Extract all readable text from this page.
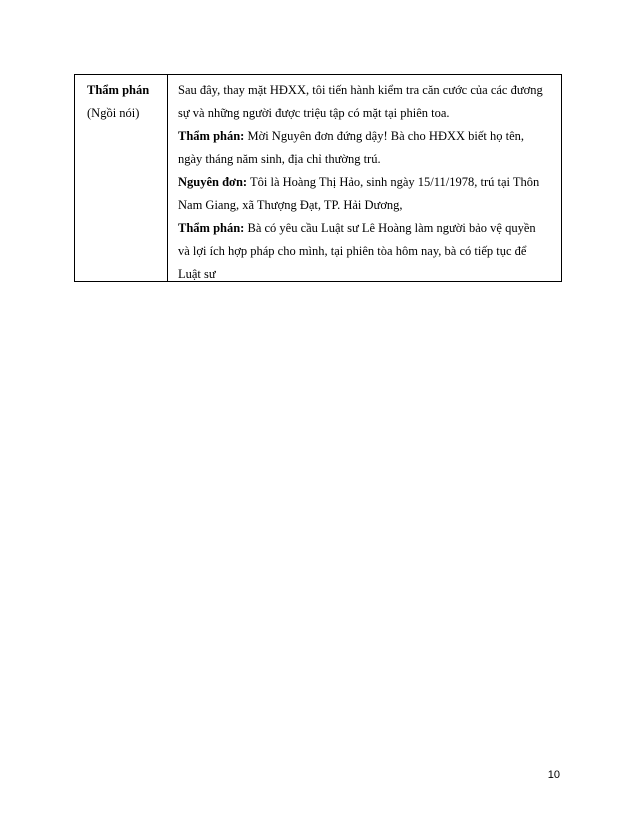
Thẩm phán
(Ngồi nói)
Sau đây, thay mặt HĐXX, tôi tiến hành kiểm tra căn cước của các đương
sự và những người được triệu tập có mặt tại phiên toa.
Thẩm phán: Mời Nguyên đơn đứng dậy! Bà cho HĐXX biết họ tên,
ngày tháng năm sinh, địa chỉ thường trú.
Nguyên đơn: Tôi là Hoàng Thị Hảo, sinh ngày 15/11/1978, trú tại Thôn
Nam Giang, xã Thượng Đạt, TP. Hải Dương,
Thẩm phán: Bà có yêu cầu Luật sư Lê Hoàng làm người bảo vệ quyền
và lợi ích hợp pháp cho mình, tại phiên tòa hôm nay, bà có tiếp tục để
Luật sư
10
